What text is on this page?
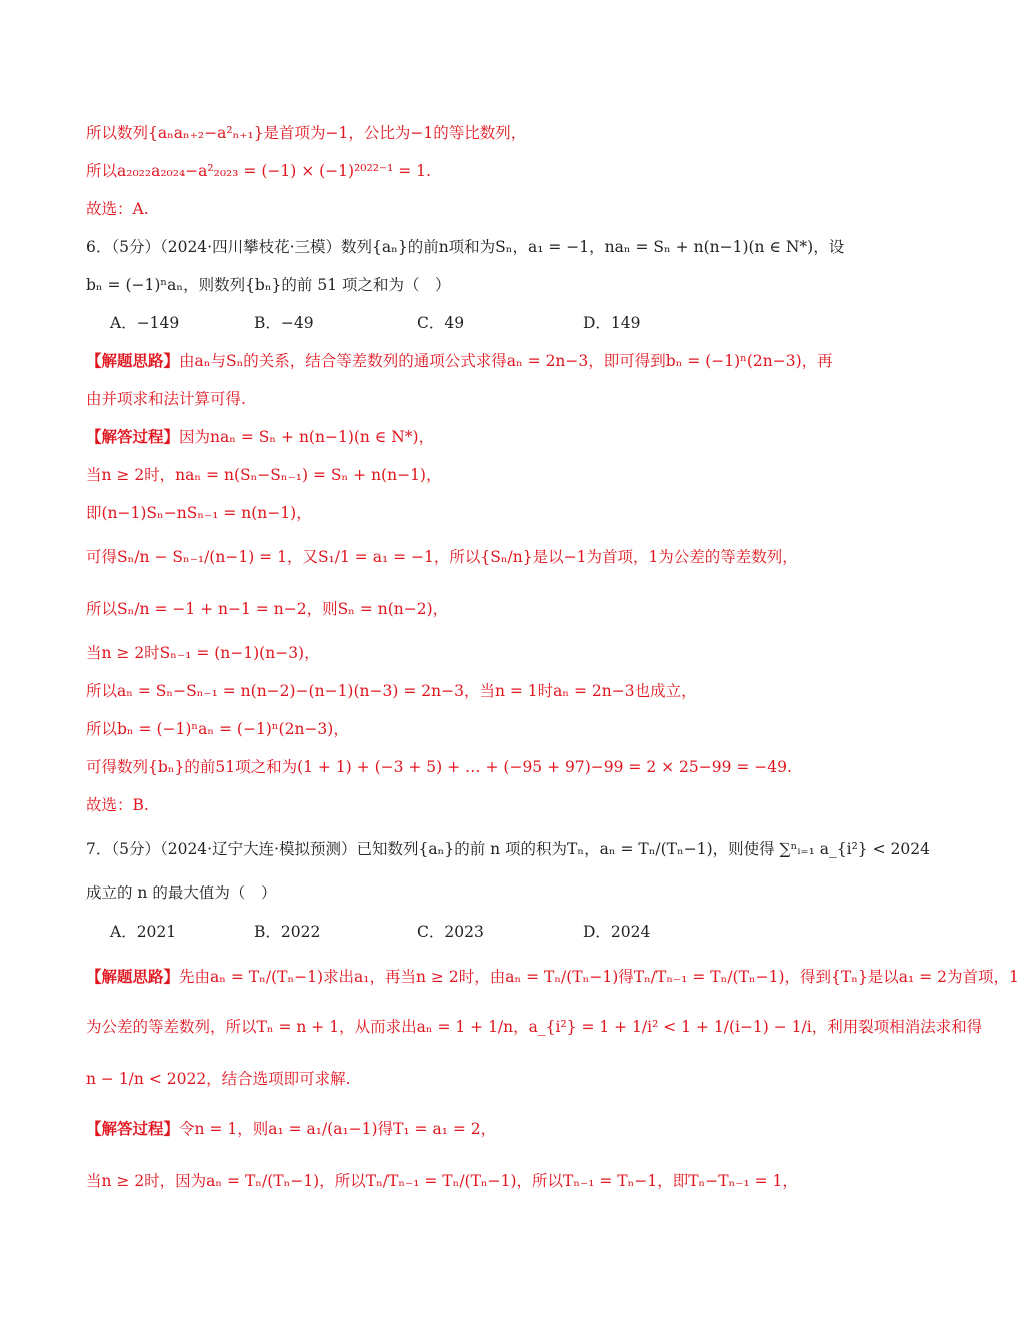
所以数列{aₙaₙ₊₂−a²ₙ₊₁}是首项为−1，公比为−1的等比数列，
所以a₂₀₂₂a₂₀₂₄−a²₂₀₂₃ = (−1) × (−1)²⁰²²⁻¹ = 1.
故选：A.
6．（5分）（2024·四川攀枝花·三模）数列{aₙ}的前n项和为Sₙ，a₁ = −1，naₙ = Sₙ + n(n−1)(n ∈ N*)，设
bₙ = (−1)ⁿaₙ，则数列{bₙ}的前 51 项之和为（　）
A．−149	B．−49	C．49	D．149
【解题思路】由aₙ与Sₙ的关系，结合等差数列的通项公式求得aₙ = 2n−3，即可得到bₙ = (−1)ⁿ(2n−3)，再
由并项求和法计算可得.
【解答过程】因为naₙ = Sₙ + n(n−1)(n ∈ N*)，
当n ≥ 2时，naₙ = n(Sₙ−Sₙ₋₁) = Sₙ + n(n−1)，
即(n−1)Sₙ−nSₙ₋₁ = n(n−1)，
可得Sₙ/n − Sₙ₋₁/(n−1) = 1，又S₁/1 = a₁ = −1，所以{Sₙ/n}是以−1为首项，1为公差的等差数列，
所以Sₙ/n = −1 + n−1 = n−2，则Sₙ = n(n−2)，
当n ≥ 2时Sₙ₋₁ = (n−1)(n−3)，
所以aₙ = Sₙ−Sₙ₋₁ = n(n−2)−(n−1)(n−3) = 2n−3，当n = 1时aₙ = 2n−3也成立，
所以bₙ = (−1)ⁿaₙ = (−1)ⁿ(2n−3)，
可得数列{bₙ}的前51项之和为(1 + 1) + (−3 + 5) + … + (−95 + 97)−99 = 2 × 25−99 = −49.
故选：B.
7．（5分）（2024·辽宁大连·模拟预测）已知数列{aₙ}的前 n 项的积为Tₙ，aₙ = Tₙ/(Tₙ−1)，则使得 ∑ⁿᵢ₌₁ a_{i²} < 2024
成立的 n 的最大值为（　）
A．2021	B．2022	C．2023	D．2024
【解题思路】先由aₙ = Tₙ/(Tₙ−1)求出a₁，再当n ≥ 2时，由aₙ = Tₙ/(Tₙ−1)得Tₙ/Tₙ₋₁ = Tₙ/(Tₙ−1)，得到{Tₙ}是以a₁ = 2为首项，1
为公差的等差数列，所以Tₙ = n + 1，从而求出aₙ = 1 + 1/n，a_{i²} = 1 + 1/i² < 1 + 1/(i−1) − 1/i，利用裂项相消法求和得
n − 1/n < 2022，结合选项即可求解.
【解答过程】令n = 1，则a₁ = a₁/(a₁−1)得T₁ = a₁ = 2，
当n ≥ 2时，因为aₙ = Tₙ/(Tₙ−1)，所以Tₙ/Tₙ₋₁ = Tₙ/(Tₙ−1)，所以Tₙ₋₁ = Tₙ−1，即Tₙ−Tₙ₋₁ = 1，
